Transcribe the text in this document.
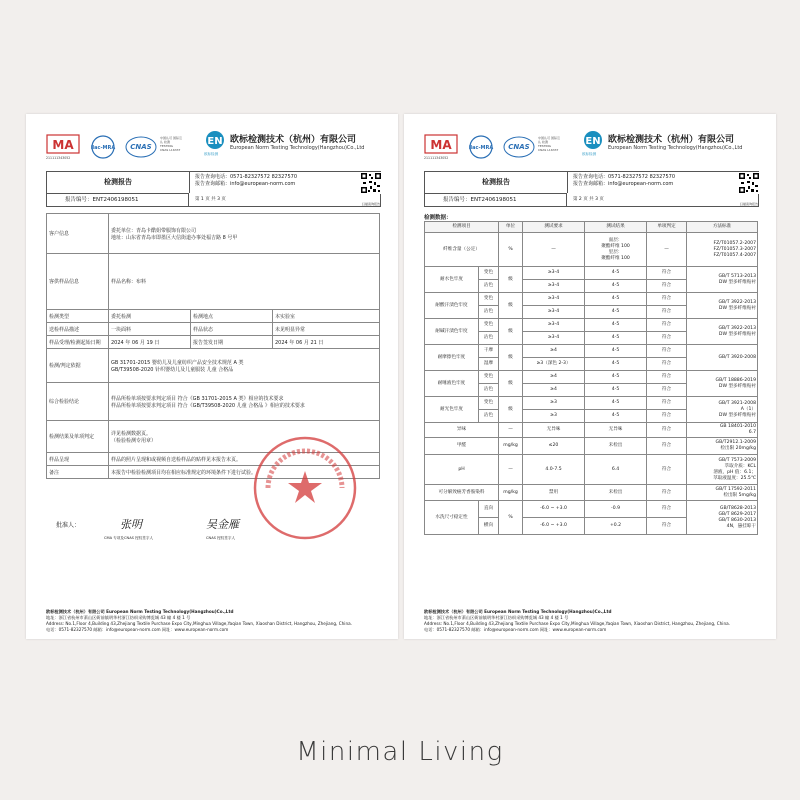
MA
211111343052
ilac-MRA CNAS
中国认可 国际互认 检测 TESTING CNAS L16337
EN
欧标检测
欧标检测技术（杭州）有限公司
European Norm Testing Technology(Hangzhou)Co.,Ltd
检测报告
报告编号：ENT2406198051
报告查询电话：0571-82327572 82327570
报告查询邮箱：info@european-norm.com
第 1 页 共 3 页
扫描查询报告
客户信息	委托单位：青岛卡酷姐带服饰有限公司
地址：山东省青岛市即墨区大信街道办事处福吉路 8 号甲		
客供样品信息	样品名称：布料		
检测类型	委托检测	检测地点	本实验室
送检样品描述	一块面料	样品状态	未见明显异常
样品受理/检测起始日期	2024 年 06 月 19 日	报告签发日期	2024 年 06 月 21 日
检测/判定依据	GB 31701-2015 婴幼儿及儿童纺织产品安全技术规范 A 类
GB/T39508-2020 针织婴幼儿及儿童服装 儿童 合格品		
综合检验结论	样品所检单项按要求判定项目 符合《GB 31701-2015 A 类》相应的技术要求
样品所检单项按要求判定项目 符合《GB/T39508-2020 儿童 合格品 》相应的技术要求		
检测结果及单项判定	详见检测数据页。
（检验检测专用章）		
样品呈现	样品的照片呈现和或视频自送检样品的贴样见本报告末页。		
备注	本报告中检验检测项目均在相应标准规定的环境条件下进行试验。		
批准人：	张明	吴金雁
CMA 专项及CNAS 授权签字人	CNAS 授权签字人
欧标检测技术（杭州）有限公司 European Norm Testing Technology(Hangzhou)Co.,Ltd
地址：浙江省杭州市萧山区衙前镇明华村浙江纺织采购博览城 43 幢 4 楼 1 号
Address: No.1,Floor 4,Building 43,Zhejiang Textile Purchase Expo City,Minghua Village,Yaqian Town, Xiaoshan District, Hangzhou, Zhejiang, China.
电话：0571-82327570 邮箱：info@european-norm.com 网址：www.european-norm.com
MA
211111343052
ilac-MRA CNAS
中国认可 国际互认 检测 TESTING CNAS L16337
EN
欧标检测
欧标检测技术（杭州）有限公司
European Norm Testing Technology(Hangzhou)Co.,Ltd
检测报告
报告编号：ENT2406198051
报告查询电话：0571-82327572 82327570
报告查询邮箱：info@european-norm.com
第 2 页 共 3 页
扫描查询报告
检测数据：
检测项目		单位	测试要求	测试结果	单项判定	方法标准
纤维含量（公定）		%	—	面层：
聚酯纤维 100
里层：
聚酯纤维 100	—	FZ/T01057.2-2007
FZ/T01057.3-2007
FZ/T01057.4-2007
耐水色牢度	变色	级	≥3-4	4-5	符合	GB/T 5713-2013
DW 型多纤维贴衬
	沾色		≥3-4	4-5	符合	
耐酸汗渍色牢度	变色	级	≥3-4	4-5	符合	GB/T 3922-2013
DW 型多纤维贴衬
	沾色		≥3-4	4-5	符合	
耐碱汗渍色牢度	变色	级	≥3-4	4-5	符合	GB/T 3922-2013
DW 型多纤维贴衬
	沾色		≥3-4	4-5	符合	
耐摩擦色牢度	干摩	级	≥4	4-5	符合	GB/T 3920-2008
	湿摩		≥3（深色 2-3）	4-5	符合	
耐唾液色牢度	变色	级	≥4	4-5	符合	GB/T 18886-2019
DW 型多纤维贴衬
	沾色		≥4	4-5	符合	
耐光色牢度	变色	级	≥3	4-5	符合	GB/T 3921-2008
A（1）
DW 型多纤维贴衬
	沾色		≥3	4-5	符合	
异味		—	无异味	无异味	符合	GB 18401-2010
6.7
甲醛		mg/kg	≤20	未检出	符合	GB/T2912.1-2009
检出限 20mg/kg
pH		—	4.0-7.5	6.4	符合	GB/T 7573-2009
萃取介质：KCL
溶液，pH 值：6.1；
萃取液温度：25.5℃
可分解致癌芳香胺染料		mg/kg	禁用	未检出	符合	GB/T 17592-2011
检出限 5mg/kg
水洗尺寸稳定性	直向	%	-6.0 ~ +3.0	-0.9	符合	GB/T8628-2013
GB/T 8629-2017
GB/T 8630-2013
4N，悬挂晾干
	横向		-6.0 ~ +3.0	+0.2	符合	
欧标检测技术（杭州）有限公司 European Norm Testing Technology(Hangzhou)Co.,Ltd
地址：浙江省杭州市萧山区衙前镇明华村浙江纺织采购博览城 43 幢 4 楼 1 号
Address: No.1,Floor 4,Building 43,Zhejiang Textile Purchase Expo City,Minghua Village,Yaqian Town, Xiaoshan District, Hangzhou, Zhejiang, China.
电话：0571-82327570 邮箱：info@european-norm.com 网址：www.european-norm.com
Minimal Living
